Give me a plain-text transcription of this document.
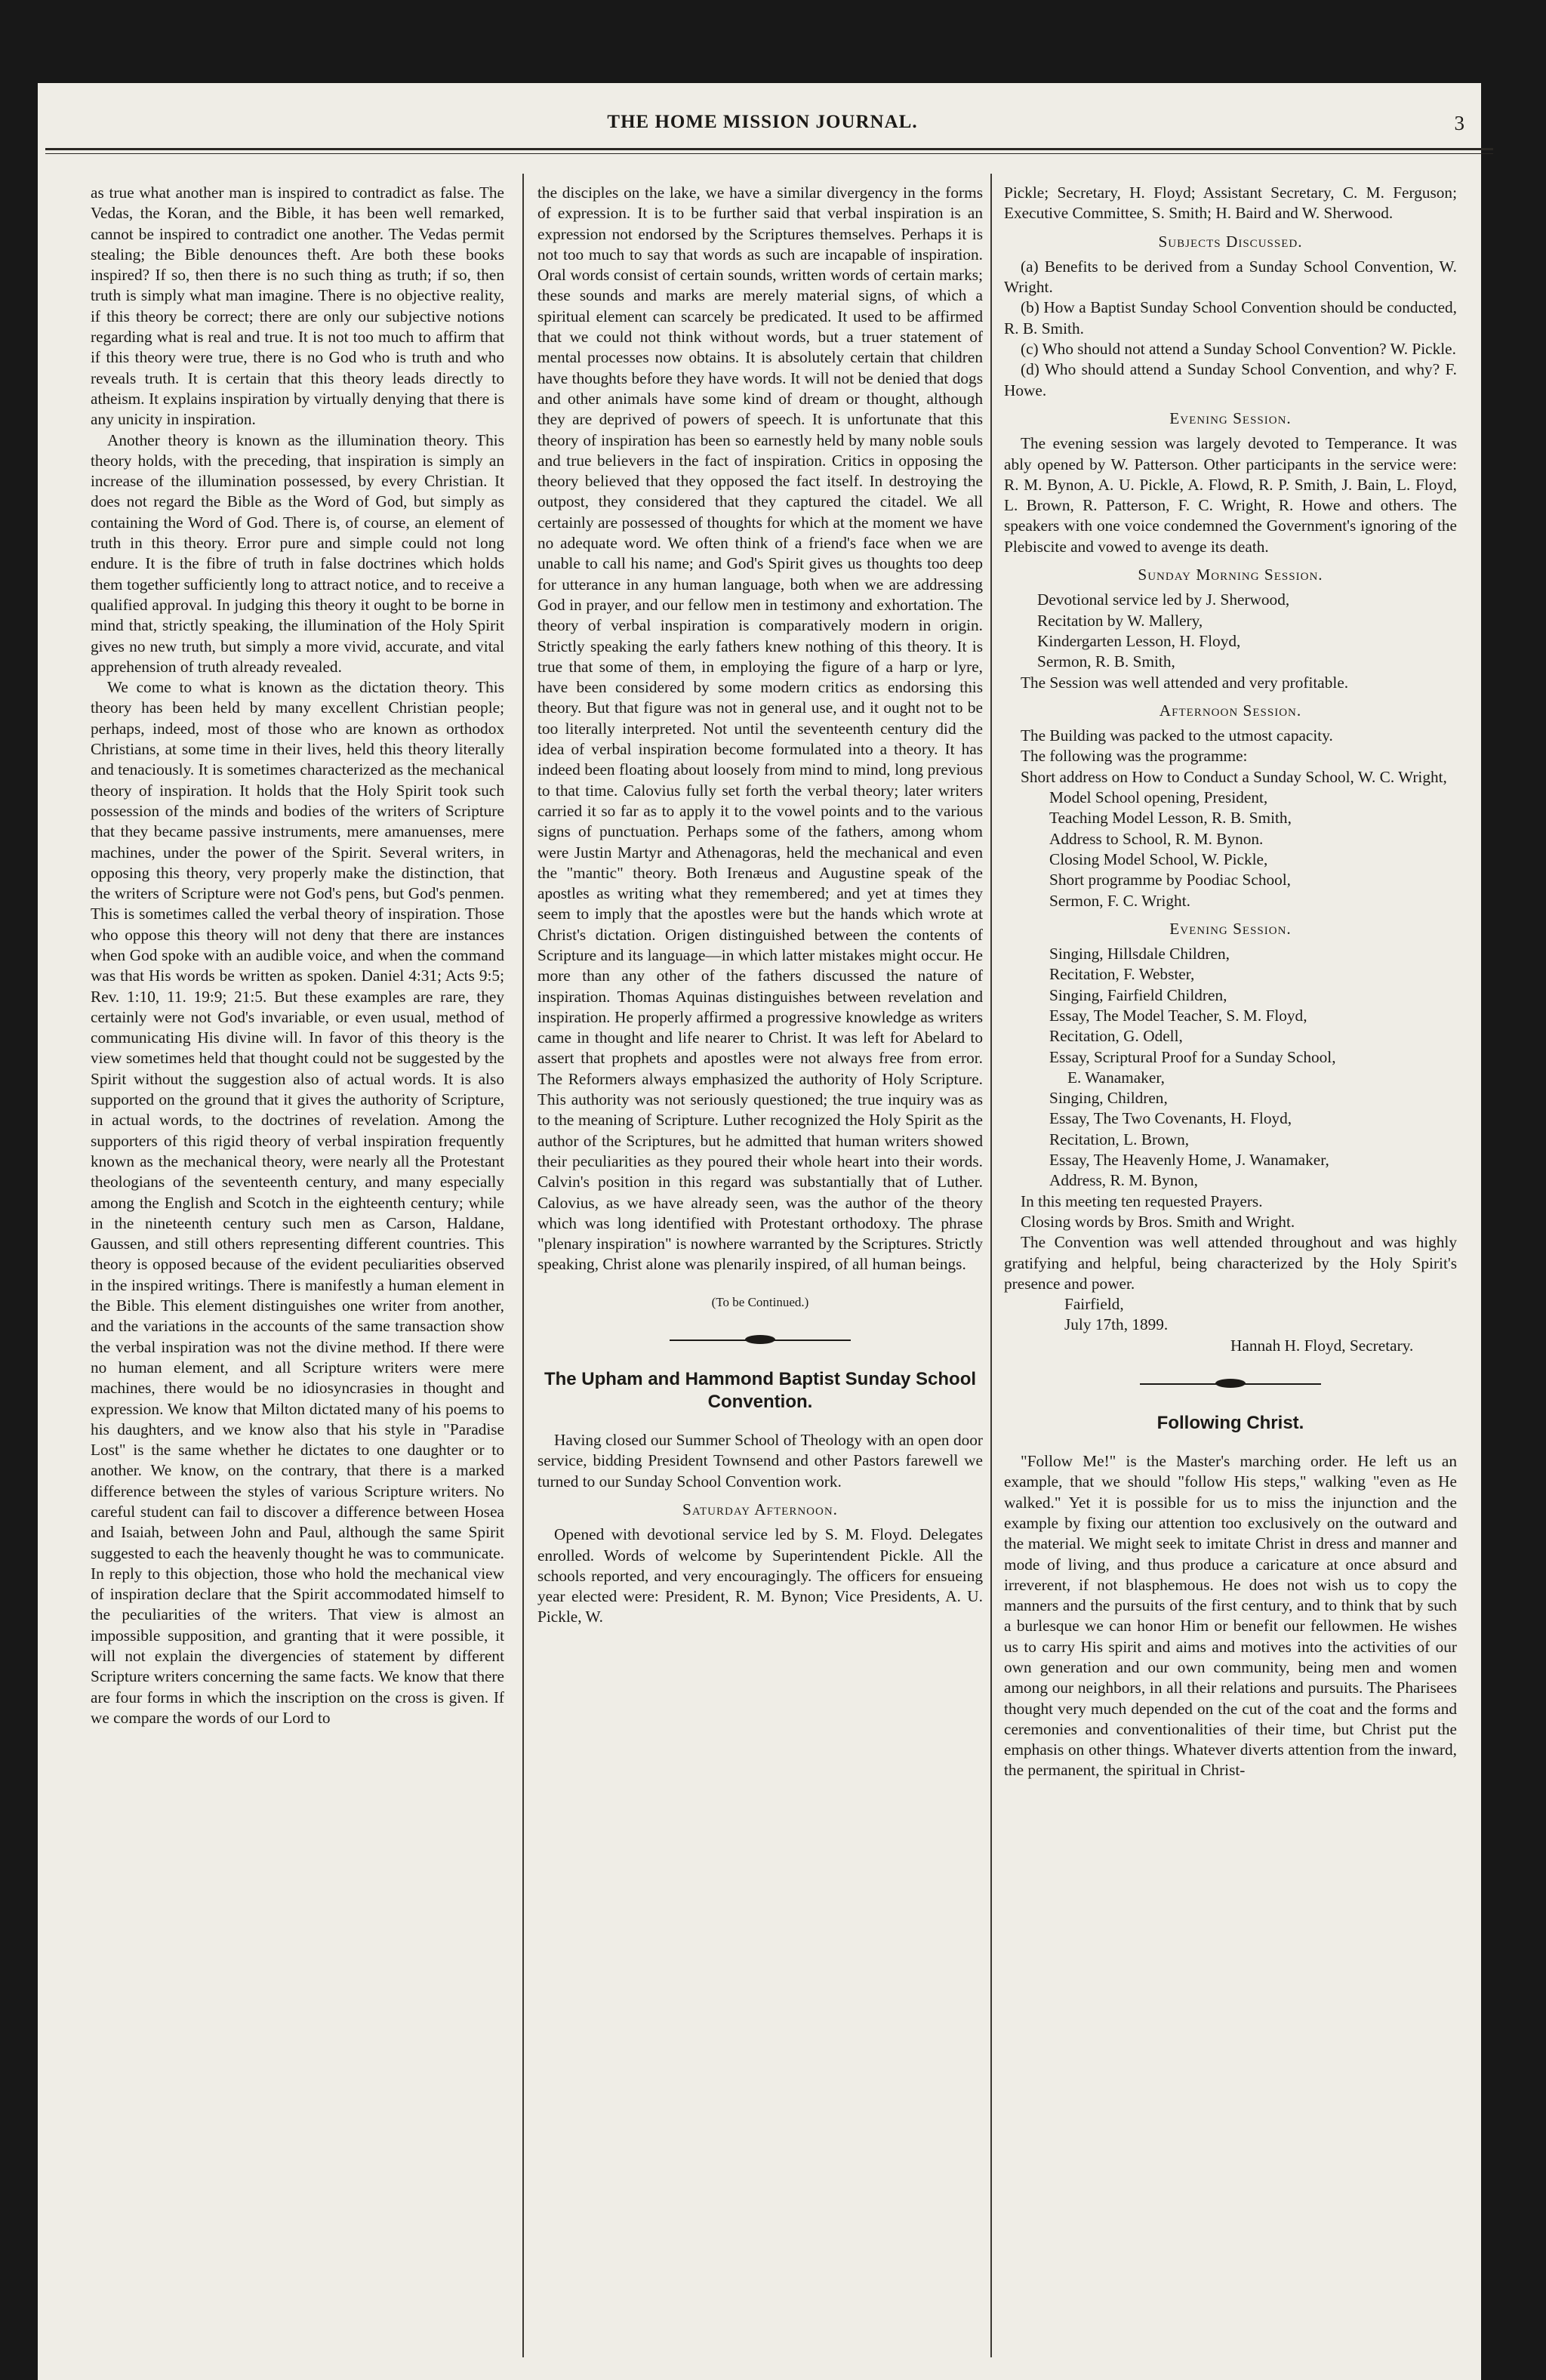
THE HOME MISSION JOURNAL.	3

as true what another man is inspired to contradict as false. The Vedas, the Koran, and the Bible, it has been well remarked, cannot be inspired to contradict one another. The Vedas permit stealing; the Bible denounces theft. Are both these books inspired? If so, then there is no such thing as truth; if so, then truth is simply what man imagine. There is no objective reality, if this theory be correct; there are only our subjective notions regarding what is real and true. It is not too much to affirm that if this theory were true, there is no God who is truth and who reveals truth. It is certain that this theory leads directly to atheism. It explains inspiration by virtually denying that there is any unicity in inspiration.

Another theory is known as the illumination theory. This theory holds, with the preceding, that inspiration is simply an increase of the illumination possessed, by every Christian. It does not regard the Bible as the Word of God, but simply as containing the Word of God. There is, of course, an element of truth in this theory. Error pure and simple could not long endure. It is the fibre of truth in false doctrines which holds them together sufficiently long to attract notice, and to receive a qualified approval. In judging this theory it ought to be borne in mind that, strictly speaking, the illumination of the Holy Spirit gives no new truth, but simply a more vivid, accurate, and vital apprehension of truth already revealed.

We come to what is known as the dictation theory. This theory has been held by many excellent Christian people; perhaps, indeed, most of those who are known as orthodox Christians, at some time in their lives, held this theory literally and tenaciously. It is sometimes characterized as the mechanical theory of inspiration. It holds that the Holy Spirit took such possession of the minds and bodies of the writers of Scripture that they became passive instruments, mere amanuenses, mere machines, under the power of the Spirit. Several writers, in opposing this theory, very properly make the distinction, that the writers of Scripture were not God's pens, but God's penmen. This is sometimes called the verbal theory of inspiration. Those who oppose this theory will not deny that there are instances when God spoke with an audible voice, and when the command was that His words be written as spoken. Daniel 4:31; Acts 9:5; Rev. 1:10, 11. 19:9; 21:5. But these examples are rare, they certainly were not God's invariable, or even usual, method of communicating His divine will. In favor of this theory is the view sometimes held that thought could not be suggested by the Spirit without the suggestion also of actual words. It is also supported on the ground that it gives the authority of Scripture, in actual words, to the doctrines of revelation. Among the supporters of this rigid theory of verbal inspiration frequently known as the mechanical theory, were nearly all the Protestant theologians of the seventeenth century, and many especially among the English and Scotch in the eighteenth century; while in the nineteenth century such men as Carson, Haldane, Gaussen, and still others representing different countries. This theory is opposed because of the evident peculiarities observed in the inspired writings. There is manifestly a human element in the Bible. This element distinguishes one writer from another, and the variations in the accounts of the same transaction show the verbal inspiration was not the divine method. If there were no human element, and all Scripture writers were mere machines, there would be no idiosyncrasies in thought and expression. We know that Milton dictated many of his poems to his daughters, and we know also that his style in "Paradise Lost" is the same whether he dictates to one daughter or to another. We know, on the contrary, that there is a marked difference between the styles of various Scripture writers. No careful student can fail to discover a difference between Hosea and Isaiah, between John and Paul, although the same Spirit suggested to each the heavenly thought he was to communicate. In reply to this objection, those who hold the mechanical view of inspiration declare that the Spirit accommodated himself to the peculiarities of the writers. That view is almost an impossible supposition, and granting that it were possible, it will not explain the divergencies of statement by different Scripture writers concerning the same facts. We know that there are four forms in which the inscription on the cross is given. If we compare the words of our Lord to

the disciples on the lake, we have a similar divergency in the forms of expression. It is to be further said that verbal inspiration is an expression not endorsed by the Scriptures themselves. Perhaps it is not too much to say that words as such are incapable of inspiration. Oral words consist of certain sounds, written words of certain marks; these sounds and marks are merely material signs, of which a spiritual element can scarcely be predicated. It used to be affirmed that we could not think without words, but a truer statement of mental processes now obtains. It is absolutely certain that children have thoughts before they have words. It will not be denied that dogs and other animals have some kind of dream or thought, although they are deprived of powers of speech. It is unfortunate that this theory of inspiration has been so earnestly held by many noble souls and true believers in the fact of inspiration. Critics in opposing the theory believed that they opposed the fact itself. In destroying the outpost, they considered that they captured the citadel. We all certainly are possessed of thoughts for which at the moment we have no adequate word. We often think of a friend's face when we are unable to call his name; and God's Spirit gives us thoughts too deep for utterance in any human language, both when we are addressing God in prayer, and our fellow men in testimony and exhortation. The theory of verbal inspiration is comparatively modern in origin. Strictly speaking the early fathers knew nothing of this theory. It is true that some of them, in employing the figure of a harp or lyre, have been considered by some modern critics as endorsing this theory. But that figure was not in general use, and it ought not to be too literally interpreted. Not until the seventeenth century did the idea of verbal inspiration become formulated into a theory. It has indeed been floating about loosely from mind to mind, long previous to that time. Calovius fully set forth the verbal theory; later writers carried it so far as to apply it to the vowel points and to the various signs of punctuation. Perhaps some of the fathers, among whom were Justin Martyr and Athenagoras, held the mechanical and even the "mantic" theory. Both Irenæus and Augustine speak of the apostles as writing what they remembered; and yet at times they seem to imply that the apostles were but the hands which wrote at Christ's dictation. Origen distinguished between the contents of Scripture and its language—in which latter mistakes might occur. He more than any other of the fathers discussed the nature of inspiration. Thomas Aquinas distinguishes between revelation and inspiration. He properly affirmed a progressive knowledge as writers came in thought and life nearer to Christ. It was left for Abelard to assert that prophets and apostles were not always free from error. The Reformers always emphasized the authority of Holy Scripture. This authority was not seriously questioned; the true inquiry was as to the meaning of Scripture. Luther recognized the Holy Spirit as the author of the Scriptures, but he admitted that human writers showed their peculiarities as they poured their whole heart into their words. Calvin's position in this regard was substantially that of Luther. Calovius, as we have already seen, was the author of the theory which was long identified with Protestant orthodoxy. The phrase "plenary inspiration" is nowhere warranted by the Scriptures. Strictly speaking, Christ alone was plenarily inspired, of all human beings.

(To be Continued.)

The Upham and Hammond Baptist Sunday School Convention.

Having closed our Summer School of Theology with an open door service, bidding President Townsend and other Pastors farewell we turned to our Sunday School Convention work.

Saturday Afternoon.

Opened with devotional service led by S. M. Floyd. Delegates enrolled. Words of welcome by Superintendent Pickle. All the schools reported, and very encouragingly. The officers for ensueing year elected were: President, R. M. Bynon; Vice Presidents, A. U. Pickle, W.

Pickle; Secretary, H. Floyd; Assistant Secretary, C. M. Ferguson; Executive Committee, S. Smith; H. Baird and W. Sherwood.

Subjects Discussed.

(a) Benefits to be derived from a Sunday School Convention, W. Wright.

(b) How a Baptist Sunday School Convention should be conducted, R. B. Smith.

(c) Who should not attend a Sunday School Convention? W. Pickle.

(d) Who should attend a Sunday School Convention, and why? F. Howe.

Evening Session.

The evening session was largely devoted to Temperance. It was ably opened by W. Patterson. Other participants in the service were: R. M. Bynon, A. U. Pickle, A. Flowd, R. P. Smith, J. Bain, L. Floyd, L. Brown, R. Patterson, F. C. Wright, R. Howe and others. The speakers with one voice condemned the Government's ignoring of the Plebiscite and vowed to avenge its death.

Sunday Morning Session.

Devotional service led by J. Sherwood,

Recitation by W. Mallery,

Kindergarten Lesson, H. Floyd,

Sermon, R. B. Smith,

The Session was well attended and very profitable.

Afternoon Session.

The Building was packed to the utmost capacity.

The following was the programme:

Short address on How to Conduct a Sunday School, W. C. Wright,

Model School opening, President,

Teaching Model Lesson, R. B. Smith,

Address to School, R. M. Bynon.

Closing Model School, W. Pickle,

Short programme by Poodiac School,

Sermon, F. C. Wright.

Evening Session.

Singing, Hillsdale Children,

Recitation, F. Webster,

Singing, Fairfield Children,

Essay, The Model Teacher, S. M. Floyd,

Recitation, G. Odell,

Essay, Scriptural Proof for a Sunday School,

E. Wanamaker,

Singing, Children,

Essay, The Two Covenants, H. Floyd,

Recitation, L. Brown,

Essay, The Heavenly Home, J. Wanamaker,

Address, R. M. Bynon,

In this meeting ten requested Prayers.

Closing words by Bros. Smith and Wright.

The Convention was well attended throughout and was highly gratifying and helpful, being characterized by the Holy Spirit's presence and power.

Fairfield,

July 17th, 1899.

Hannah H. Floyd, Secretary.

Following Christ.

"Follow Me!" is the Master's marching order. He left us an example, that we should "follow His steps," walking "even as He walked." Yet it is possible for us to miss the injunction and the example by fixing our attention too exclusively on the outward and the material. We might seek to imitate Christ in dress and manner and mode of living, and thus produce a caricature at once absurd and irreverent, if not blasphemous. He does not wish us to copy the manners and the pursuits of the first century, and to think that by such a burlesque we can honor Him or benefit our fellowmen. He wishes us to carry His spirit and aims and motives into the activities of our own generation and our own community, being men and women among our neighbors, in all their relations and pursuits. The Pharisees thought very much depended on the cut of the coat and the forms and ceremonies and conventionalities of their time, but Christ put the emphasis on other things. Whatever diverts attention from the inward, the permanent, the spiritual in Christ-
